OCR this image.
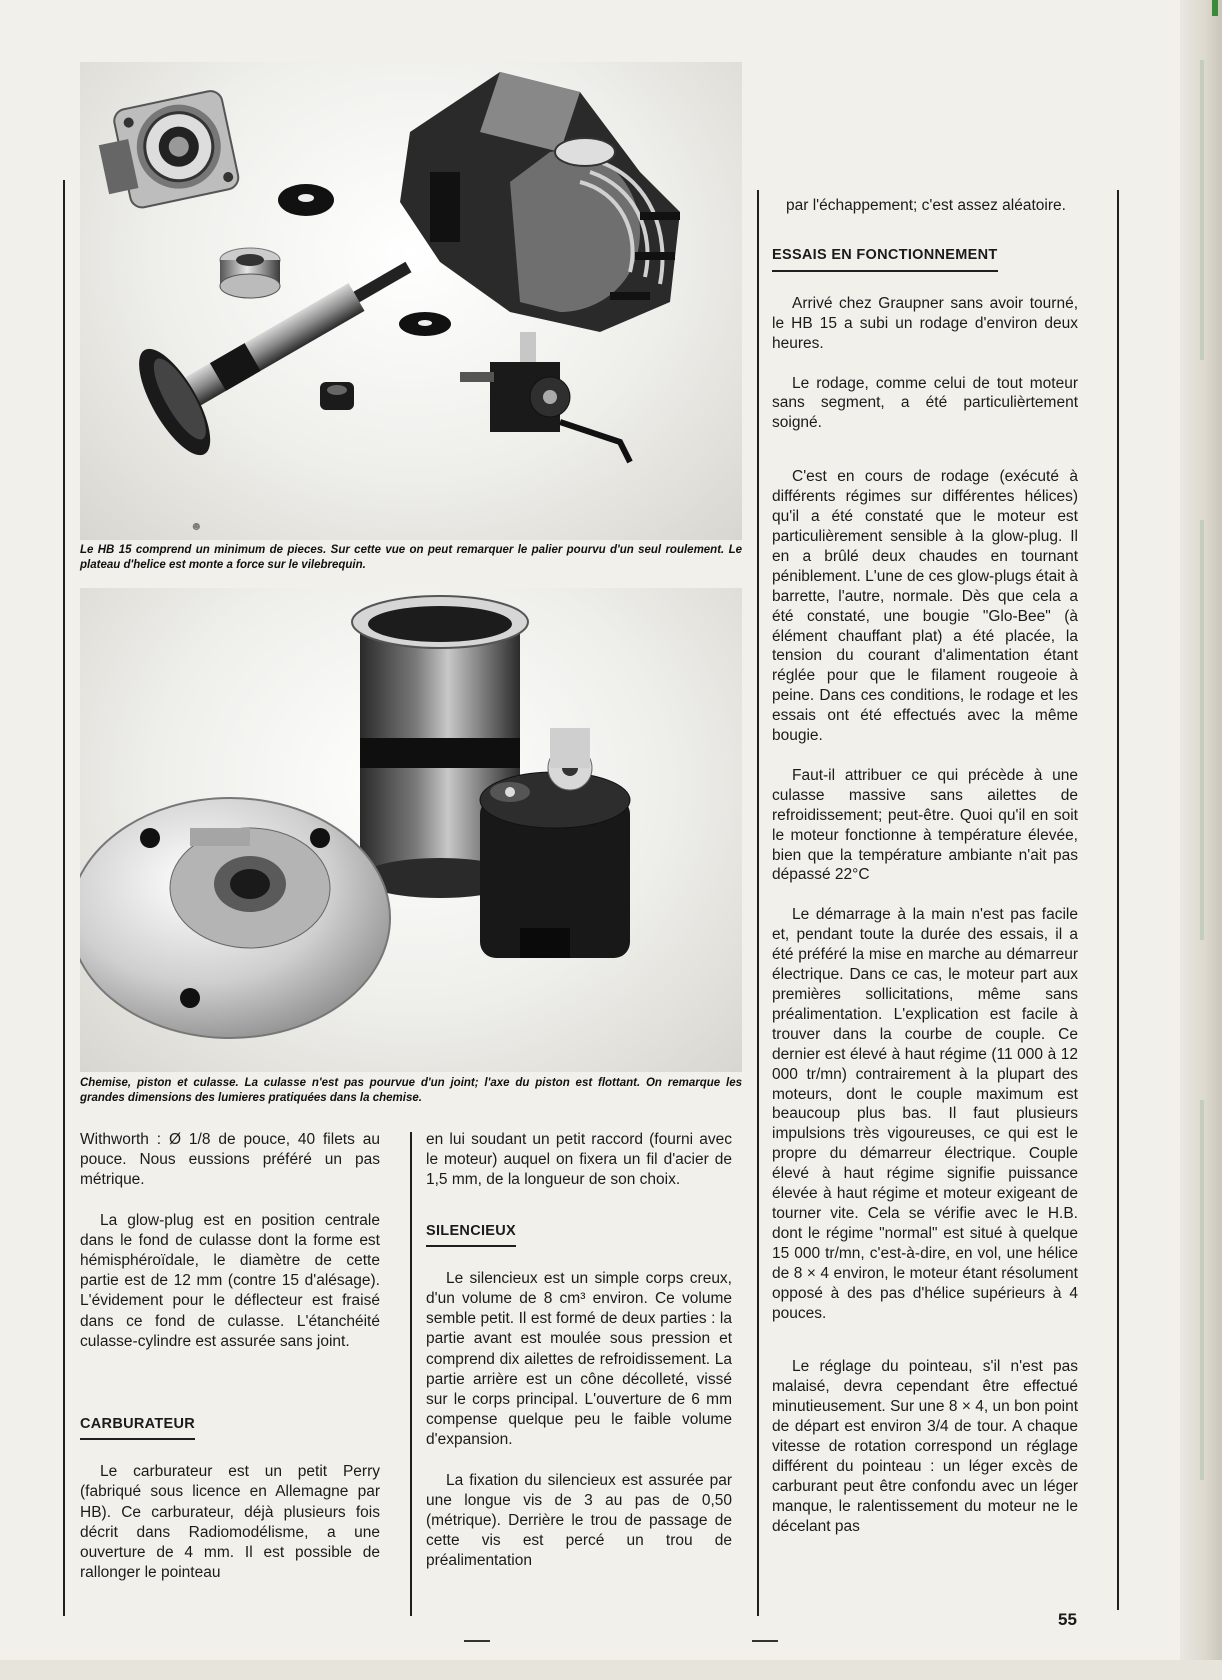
☻
Le HB 15 comprend un minimum de pieces. Sur cette vue on peut remarquer le palier pourvu d'un seul roulement. Le plateau d'helice est monte a force sur le vilebrequin.
Chemise, piston et culasse. La culasse n'est pas pourvue d'un joint; l'axe du piston est flottant. On remarque les grandes dimensions des lumieres pratiquées dans la chemise.

Withworth : Ø 1/8 de pouce, 40 filets au pouce. Nous eussions préféré un pas métrique.

La glow-plug est en position centrale dans le fond de culasse dont la forme est hémisphéroïdale, le diamètre de cette partie est de 12 mm (contre 15 d'alésage). L'évidement pour le déflecteur est fraisé dans ce fond de culasse. L'étanchéité culasse-cylindre est assurée sans joint.

CARBURATEUR

Le carburateur est un petit Perry (fabriqué sous licence en Allemagne par HB). Ce carburateur, déjà plusieurs fois décrit dans Radiomodélisme, a une ouverture de 4 mm. Il est possible de rallonger le pointeau

en lui soudant un petit raccord (fourni avec le moteur) auquel on fixera un fil d'acier de 1,5 mm, de la longueur de son choix.

SILENCIEUX

Le silencieux est un simple corps creux, d'un volume de 8 cm³ environ. Ce volume semble petit. Il est formé de deux parties : la partie avant est moulée sous pression et comprend dix ailettes de refroidissement. La partie arrière est un cône décolleté, vissé sur le corps principal. L'ouverture de 6 mm compense quelque peu le faible volume d'expansion.

La fixation du silencieux est assurée par une longue vis de 3 au pas de 0,50 (métrique). Derrière le trou de passage de cette vis est percé un trou de préalimentation

par l'échappement; c'est assez aléatoire.

ESSAIS EN FONCTIONNEMENT

Arrivé chez Graupner sans avoir tourné, le HB 15 a subi un rodage d'environ deux heures.

Le rodage, comme celui de tout moteur sans segment, a été particulièrtement soigné.

C'est en cours de rodage (exécuté à différents régimes sur différentes hélices) qu'il a été constaté que le moteur est particulièrement sensible à la glow-plug. Il en a brûlé deux chaudes en tournant péniblement. L'une de ces glow-plugs était à barrette, l'autre, normale. Dès que cela a été constaté, une bougie "Glo-Bee" (à élément chauffant plat) a été placée, la tension du courant d'alimentation étant réglée pour que le filament rougeoie à peine. Dans ces conditions, le rodage et les essais ont été effectués avec la même bougie.

Faut-il attribuer ce qui précède à une culasse massive sans ailettes de refroidissement; peut-être. Quoi qu'il en soit le moteur fonctionne à température élevée, bien que la température ambiante n'ait pas dépassé 22°C

Le démarrage à la main n'est pas facile et, pendant toute la durée des essais, il a été préféré la mise en marche au démarreur électrique. Dans ce cas, le moteur part aux premières sollicitations, même sans préalimentation. L'explication est facile à trouver dans la courbe de couple. Ce dernier est élevé à haut régime (11 000 à 12 000 tr/mn) contrairement à la plupart des moteurs, dont le couple maximum est beaucoup plus bas. Il faut plusieurs impulsions très vigoureuses, ce qui est le propre du démarreur électrique. Couple élevé à haut régime signifie puissance élevée à haut régime et moteur exigeant de tourner vite. Cela se vérifie avec le H.B. dont le régime "normal" est situé à quelque 15 000 tr/mn, c'est-à-dire, en vol, une hélice de 8 × 4 environ, le moteur étant résolument opposé à des pas d'hélice supérieurs à 4 pouces.

Le réglage du pointeau, s'il n'est pas malaisé, devra cependant être effectué minutieusement. Sur une 8 × 4, un bon point de départ est environ 3/4 de tour. A chaque vitesse de rotation correspond un réglage différent du pointeau : un léger excès de carburant peut être confondu avec un léger manque, le ralentissement du moteur ne le décelant pas

55
